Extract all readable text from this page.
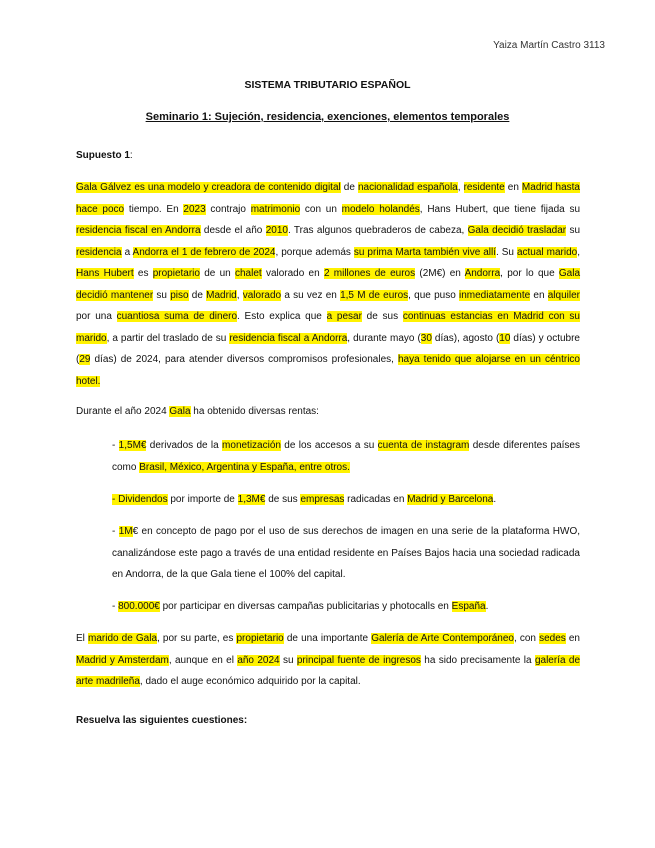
Yaiza Martín Castro 3113
SISTEMA TRIBUTARIO ESPAÑOL
Seminario 1: Sujeción, residencia, exenciones, elementos temporales
Supuesto 1:

Gala Gálvez es una modelo y creadora de contenido digital de nacionalidad española, residente en Madrid hasta hace poco tiempo. En 2023 contrajo matrimonio con un modelo holandés, Hans Hubert, que tiene fijada su residencia fiscal en Andorra desde el año 2010. Tras algunos quebraderos de cabeza, Gala decidió trasladar su residencia a Andorra el 1 de febrero de 2024, porque además su prima Marta también vive allí. Su actual marido, Hans Hubert es propietario de un chalet valorado en 2 millones de euros (2M€) en Andorra, por lo que Gala decidió mantener su piso de Madrid, valorado a su vez en 1,5 M de euros, que puso inmediatamente en alquiler por una cuantiosa suma de dinero. Esto explica que a pesar de sus continuas estancias en Madrid con su marido, a partir del traslado de su residencia fiscal a Andorra, durante mayo (30 días), agosto (10 días) y octubre (29 días) de 2024, para atender diversos compromisos profesionales, haya tenido que alojarse en un céntrico hotel.

Durante el año 2024 Gala ha obtenido diversas rentas:

- 1,5M€ derivados de la monetización de los accesos a su cuenta de instagram desde diferentes países como Brasil, México, Argentina y España, entre otros.

- Dividendos por importe de 1,3M€ de sus empresas radicadas en Madrid y Barcelona.

- 1M€ en concepto de pago por el uso de sus derechos de imagen en una serie de la plataforma HWO, canalizándose este pago a través de una entidad residente en Países Bajos hacia una sociedad radicada en Andorra, de la que Gala tiene el 100% del capital.

- 800.000€ por participar en diversas campañas publicitarias y photocalls en España.

El marido de Gala, por su parte, es propietario de una importante Galería de Arte Contemporáneo, con sedes en Madrid y Amsterdam, aunque en el año 2024 su principal fuente de ingresos ha sido precisamente la galería de arte madrileña, dado el auge económico adquirido por la capital.

Resuelva las siguientes cuestiones:
